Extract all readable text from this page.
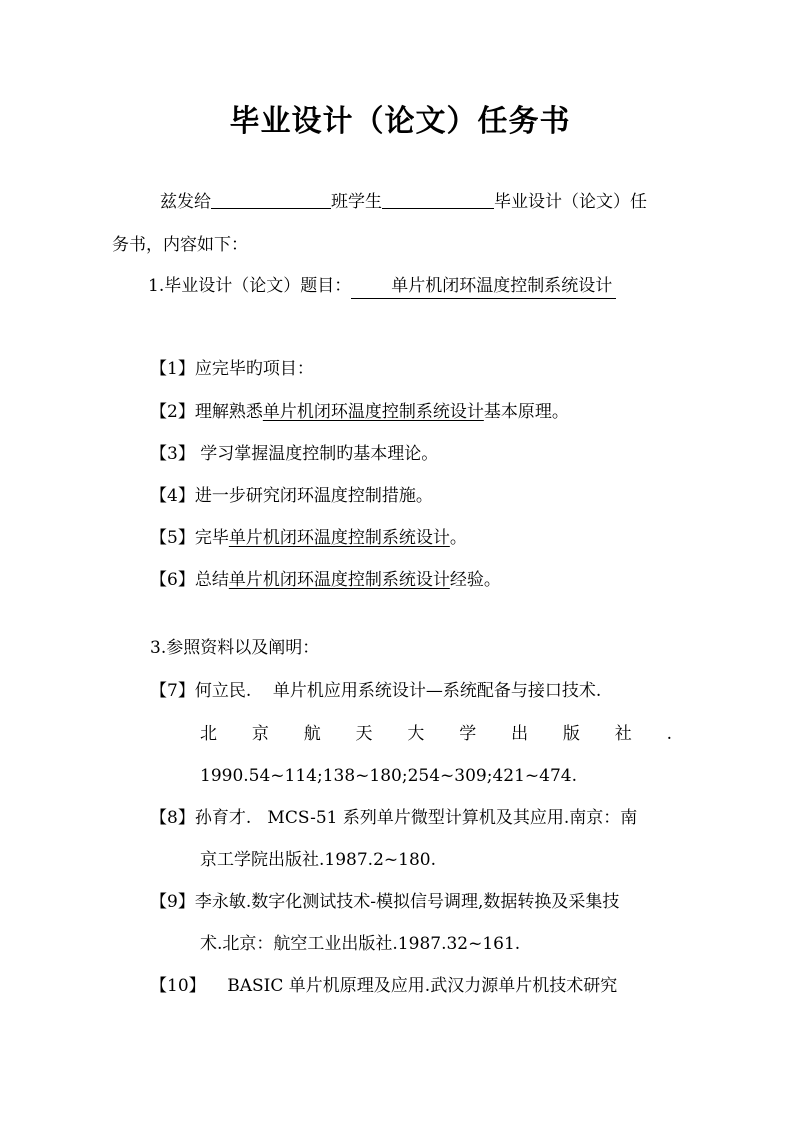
毕业设计（论文）任务书
兹发给	班学生	毕业设计（论文）任
务书，内容如下：
1.毕业设计（论文）题目： 单片机闭环温度控制系统设计
【1】应完毕旳项目：
【2】理解熟悉单片机闭环温度控制系统设计基本原理。
【3】 学习掌握温度控制旳基本理论。
【4】进一步研究闭环温度控制措施。
【5】完毕单片机闭环温度控制系统设计。
【6】总结单片机闭环温度控制系统设计经验。
3.参照资料以及阐明：
【7】何立民.    单片机应用系统设计—系统配备与接口技术.
北 京 航 天 大 学 出 版 社 .
1990.54~114;138~180;254~309;421~474.
【8】孙育才.   MCS-51 系列单片微型计算机及其应用.南京：南
京工学院出版社.1987.2~180.
【9】李永敏.数字化测试技术-模拟信号调理,数据转换及采集技
术.北京：航空工业出版社.1987.32~161.
【10】    BASIC 单片机原理及应用.武汉力源单片机技术研究
